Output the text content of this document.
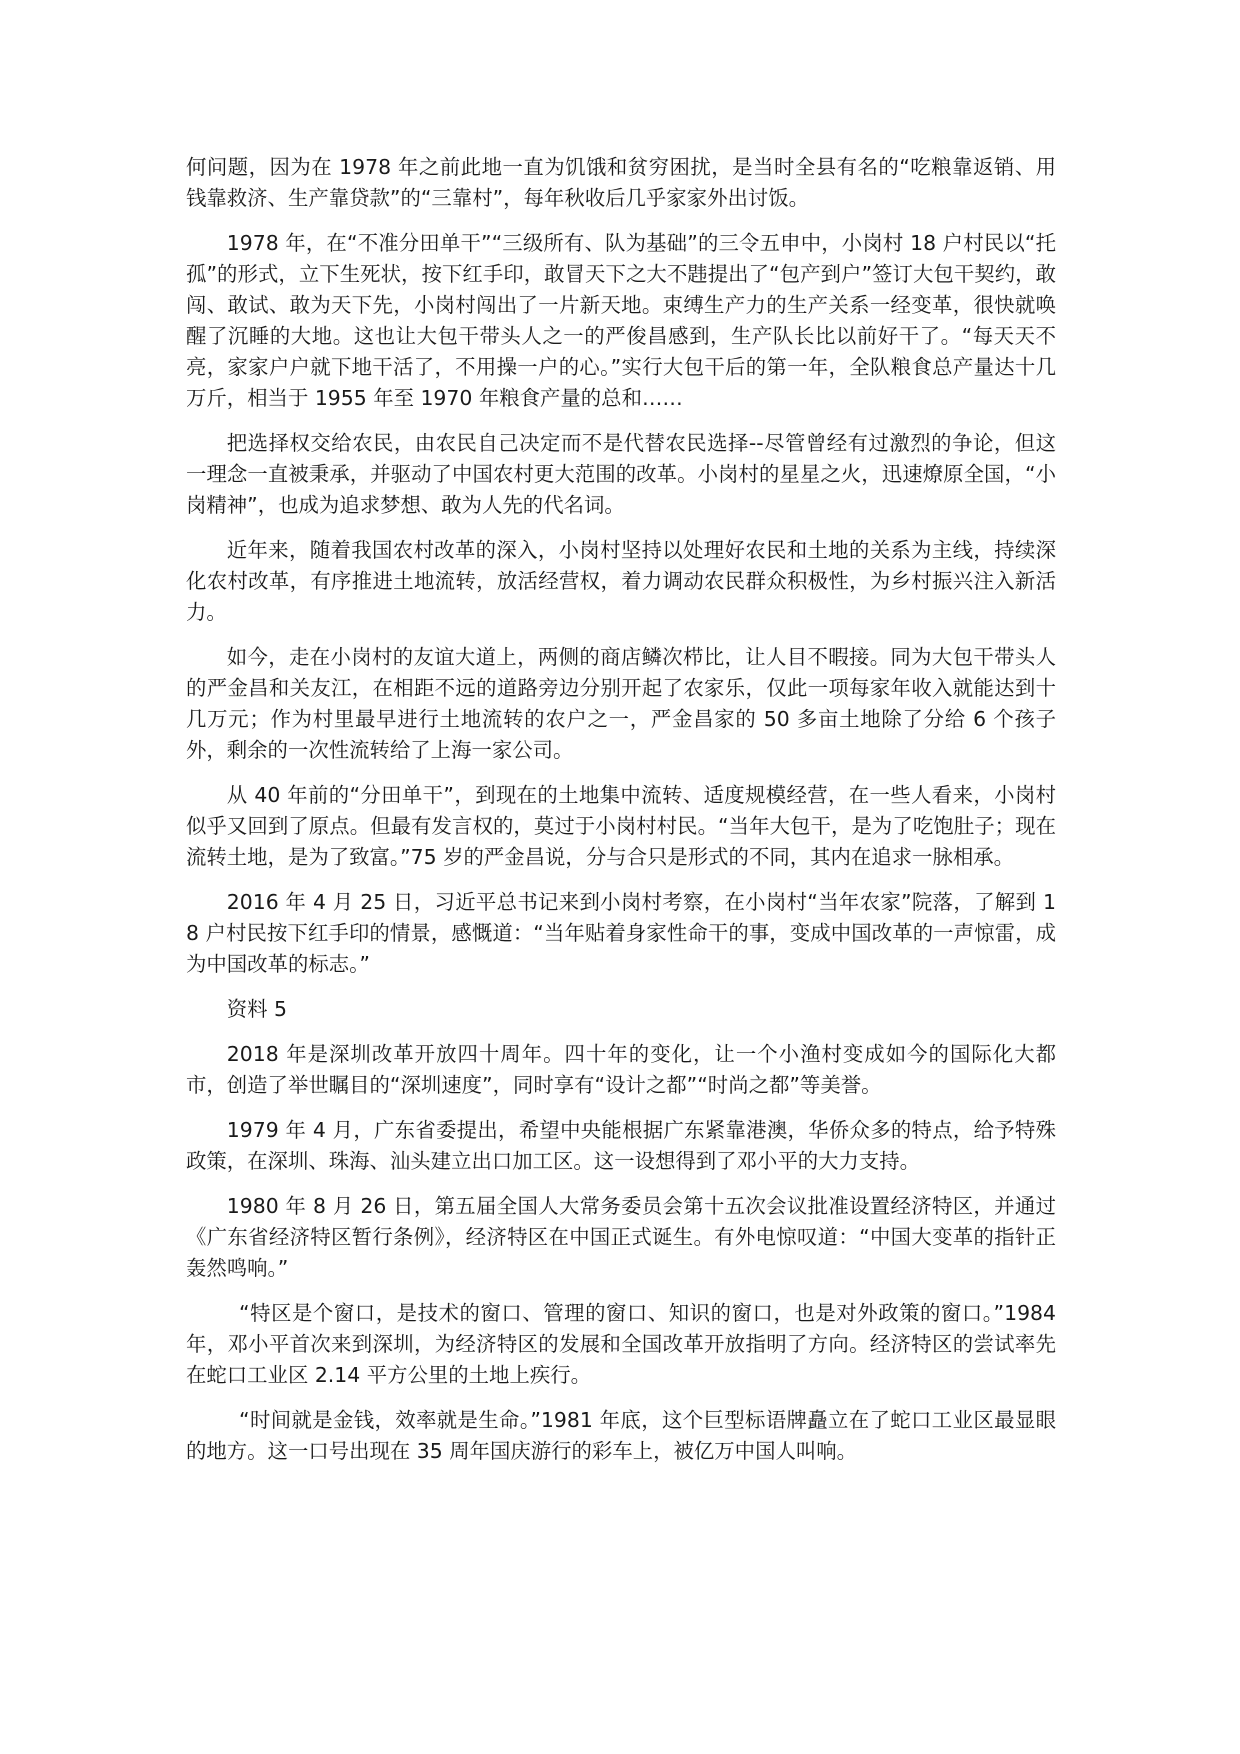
何问题，因为在 1978 年之前此地一直为饥饿和贫穷困扰，是当时全县有名的“吃粮靠返销、用钱靠救济、生产靠贷款”的“三靠村”，每年秋收后几乎家家外出讨饭。

1978 年，在“不准分田单干”“三级所有、队为基础”的三令五申中，小岗村 18 户村民以“托孤”的形式，立下生死状，按下红手印，敢冒天下之大不韪提出了“包产到户”签订大包干契约，敢闯、敢试、敢为天下先，小岗村闯出了一片新天地。束缚生产力的生产关系一经变革，很快就唤醒了沉睡的大地。这也让大包干带头人之一的严俊昌感到，生产队长比以前好干了。“每天天不亮，家家户户就下地干活了，不用操一户的心。”实行大包干后的第一年，全队粮食总产量达十几万斤，相当于 1955 年至 1970 年粮食产量的总和……

把选择权交给农民，由农民自己决定而不是代替农民选择--尽管曾经有过激烈的争论，但这一理念一直被秉承，并驱动了中国农村更大范围的改革。小岗村的星星之火，迅速燎原全国，“小岗精神”，也成为追求梦想、敢为人先的代名词。

近年来，随着我国农村改革的深入，小岗村坚持以处理好农民和土地的关系为主线，持续深化农村改革，有序推进土地流转，放活经营权，着力调动农民群众积极性，为乡村振兴注入新活力。

如今，走在小岗村的友谊大道上，两侧的商店鳞次栉比，让人目不暇接。同为大包干带头人的严金昌和关友江，在相距不远的道路旁边分别开起了农家乐，仅此一项每家年收入就能达到十几万元；作为村里最早进行土地流转的农户之一，严金昌家的 50 多亩土地除了分给 6 个孩子外，剩余的一次性流转给了上海一家公司。

从 40 年前的“分田单干”，到现在的土地集中流转、适度规模经营，在一些人看来，小岗村似乎又回到了原点。但最有发言权的，莫过于小岗村村民。“当年大包干，是为了吃饱肚子；现在流转土地，是为了致富。”75 岁的严金昌说，分与合只是形式的不同，其内在追求一脉相承。

2016 年 4 月 25 日，习近平总书记来到小岗村考察，在小岗村“当年农家”院落，了解到 18 户村民按下红手印的情景，感慨道：“当年贴着身家性命干的事，变成中国改革的一声惊雷，成为中国改革的标志。”

资料 5

2018 年是深圳改革开放四十周年。四十年的变化，让一个小渔村变成如今的国际化大都市，创造了举世瞩目的“深圳速度”，同时享有“设计之都”“时尚之都”等美誉。

1979 年 4 月，广东省委提出，希望中央能根据广东紧靠港澳，华侨众多的特点，给予特殊政策，在深圳、珠海、汕头建立出口加工区。这一设想得到了邓小平的大力支持。

1980 年 8 月 26 日，第五届全国人大常务委员会第十五次会议批准设置经济特区，并通过《广东省经济特区暂行条例》，经济特区在中国正式诞生。有外电惊叹道：“中国大变革的指针正轰然鸣响。”

“特区是个窗口，是技术的窗口、管理的窗口、知识的窗口，也是对外政策的窗口。”1984 年，邓小平首次来到深圳，为经济特区的发展和全国改革开放指明了方向。经济特区的尝试率先在蛇口工业区 2.14 平方公里的土地上疾行。

“时间就是金钱，效率就是生命。”1981 年底，这个巨型标语牌矗立在了蛇口工业区最显眼的地方。这一口号出现在 35 周年国庆游行的彩车上，被亿万中国人叫响。
